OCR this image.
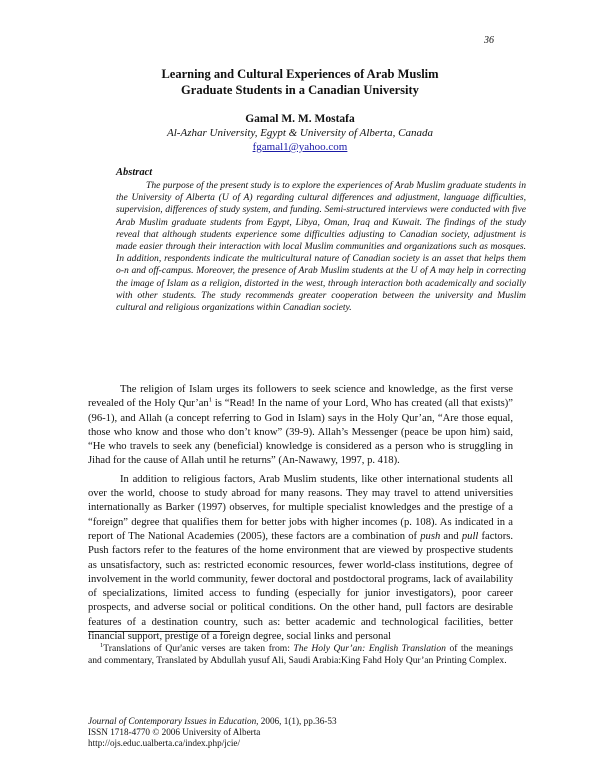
36
Learning and Cultural Experiences of Arab Muslim
Graduate Students in a Canadian University
Gamal M. M. Mostafa
Al-Azhar University, Egypt & University of Alberta, Canada
fgamal1@yahoo.com
Abstract
The purpose of the present study is to explore the experiences of Arab Muslim graduate students in the University of Alberta (U of A) regarding cultural differences and adjustment, language difficulties, supervision, differences of study system, and funding. Semi-structured interviews were conducted with five Arab Muslim graduate students from Egypt, Libya, Oman, Iraq and Kuwait. The findings of the study reveal that although students experience some difficulties adjusting to Canadian society, adjustment is made easier through their interaction with local Muslim communities and organizations such as mosques. In addition, respondents indicate the multicultural nature of Canadian society is an asset that helps them o-n and off-campus. Moreover, the presence of Arab Muslim students at the U of A may help in correcting the image of Islam as a religion, distorted in the west, through interaction both academically and socially with other students. The study recommends greater cooperation between the university and Muslim cultural and religious organizations within Canadian society.

The religion of Islam urges its followers to seek science and knowledge, as the first verse revealed of the Holy $Qur’an^1$ is “Read! In the name of your Lord, Who has created (all that exists)” (96-1), and Allah (a concept referring to God in Islam) says in the Holy Qur’an, “Are those equal, those who know and those who don’t know” (39-9). Allah’s Messenger (peace be upon him) said, “He who travels to seek any (beneficial) knowledge is considered as a person who is struggling in Jihad for the cause of Allah until he returns” (An-Nawawy, 1997, p. 418).

In addition to religious factors, Arab Muslim students, like other international students all over the world, choose to study abroad for many reasons. They may travel to attend universities internationally as Barker (1997) observes, for multiple specialist knowledges and the prestige of a “foreign” degree that qualifies them for better jobs with higher incomes (p. 108). As indicated in a report of The National Academies (2005), these factors are a combination of push and pull factors. Push factors refer to the features of the home environment that are viewed by prospective students as unsatisfactory, such as: restricted economic resources, fewer world-class institutions, degree of involvement in the world community, fewer doctoral and postdoctoral programs, lack of availability of specializations, limited access to funding (especially for junior investigators), poor career prospects, and adverse social or political conditions. On the other hand, pull factors are desirable features of a destination country, such as: better academic and technological facilities, better financial support, prestige of a foreign degree, social links and personal

$^1$Translations of Qur'anic verses are taken from: The Holy Qur’an: English Translation of the meanings and commentary, Translated by Abdullah yusuf Ali, Saudi Arabia:King Fahd Holy Qur’an Printing Complex.
Journal of Contemporary Issues in Education, 2006, 1(1), pp.36-53
ISSN 1718-4770 © 2006 University of Alberta
http://ojs.educ.ualberta.ca/index.php/jcie/
